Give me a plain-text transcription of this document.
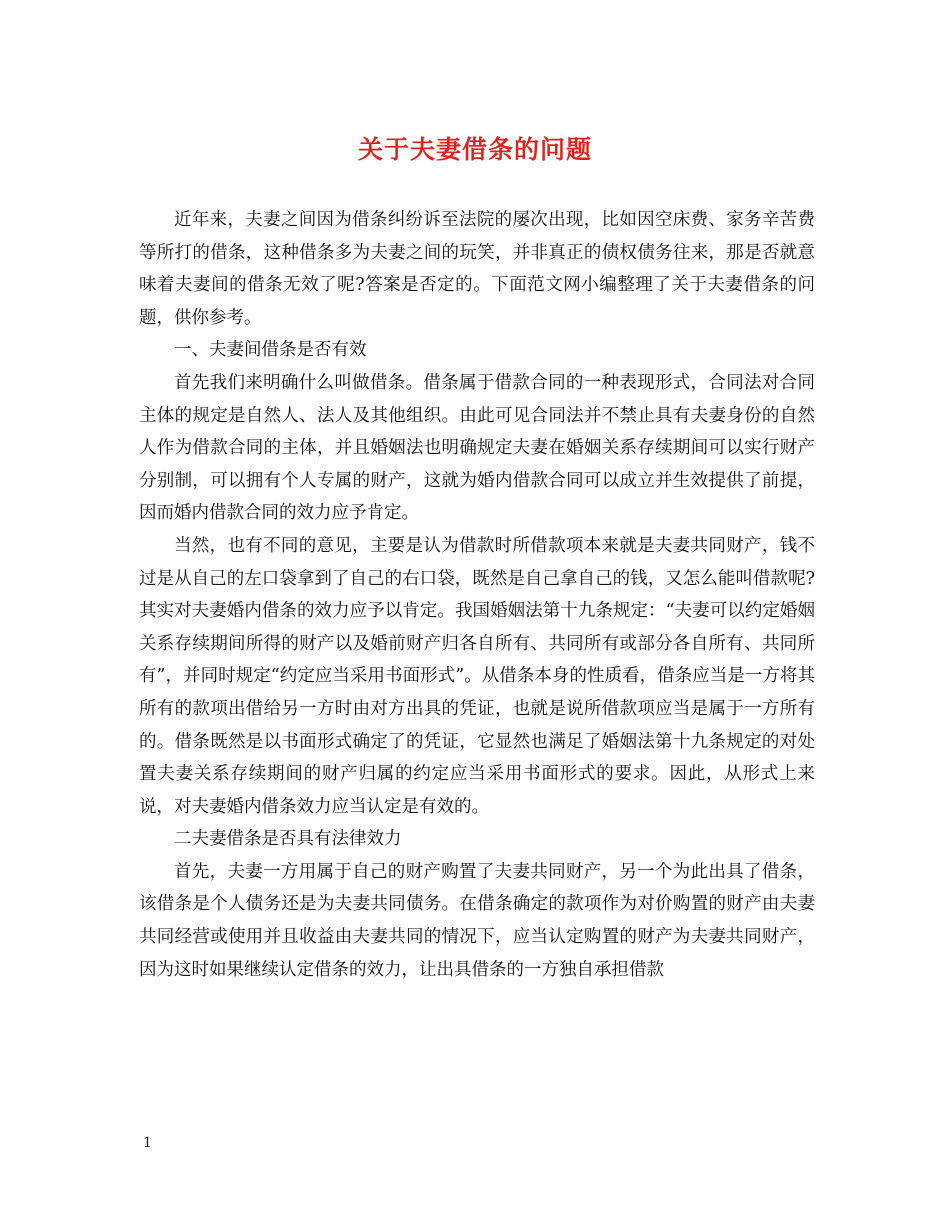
关于夫妻借条的问题

近年来，夫妻之间因为借条纠纷诉至法院的屡次出现，比如因空床费、家务辛苦费等所打的借条，这种借条多为夫妻之间的玩笑，并非真正的债权债务往来，那是否就意味着夫妻间的借条无效了呢?答案是否定的。下面范文网小编整理了关于夫妻借条的问题，供你参考。

一、夫妻间借条是否有效

首先我们来明确什么叫做借条。借条属于借款合同的一种表现形式，合同法对合同主体的规定是自然人、法人及其他组织。由此可见合同法并不禁止具有夫妻身份的自然人作为借款合同的主体，并且婚姻法也明确规定夫妻在婚姻关系存续期间可以实行财产分别制，可以拥有个人专属的财产，这就为婚内借款合同可以成立并生效提供了前提，因而婚内借款合同的效力应予肯定。

当然，也有不同的意见，主要是认为借款时所借款项本来就是夫妻共同财产，钱不过是从自己的左口袋拿到了自己的右口袋，既然是自己拿自己的钱，又怎么能叫借款呢?其实对夫妻婚内借条的效力应予以肯定。我国婚姻法第十九条规定：“夫妻可以约定婚姻关系存续期间所得的财产以及婚前财产归各自所有、共同所有或部分各自所有、共同所有”，并同时规定“约定应当采用书面形式”。从借条本身的性质看，借条应当是一方将其所有的款项出借给另一方时由对方出具的凭证，也就是说所借款项应当是属于一方所有的。借条既然是以书面形式确定了的凭证，它显然也满足了婚姻法第十九条规定的对处置夫妻关系存续期间的财产归属的约定应当采用书面形式的要求。因此，从形式上来说，对夫妻婚内借条效力应当认定是有效的。

二夫妻借条是否具有法律效力

首先，夫妻一方用属于自己的财产购置了夫妻共同财产，另一个为此出具了借条，该借条是个人债务还是为夫妻共同债务。在借条确定的款项作为对价购置的财产由夫妻共同经营或使用并且收益由夫妻共同的情况下，应当认定购置的财产为夫妻共同财产，因为这时如果继续认定借条的效力，让出具借条的一方独自承担借款

1
